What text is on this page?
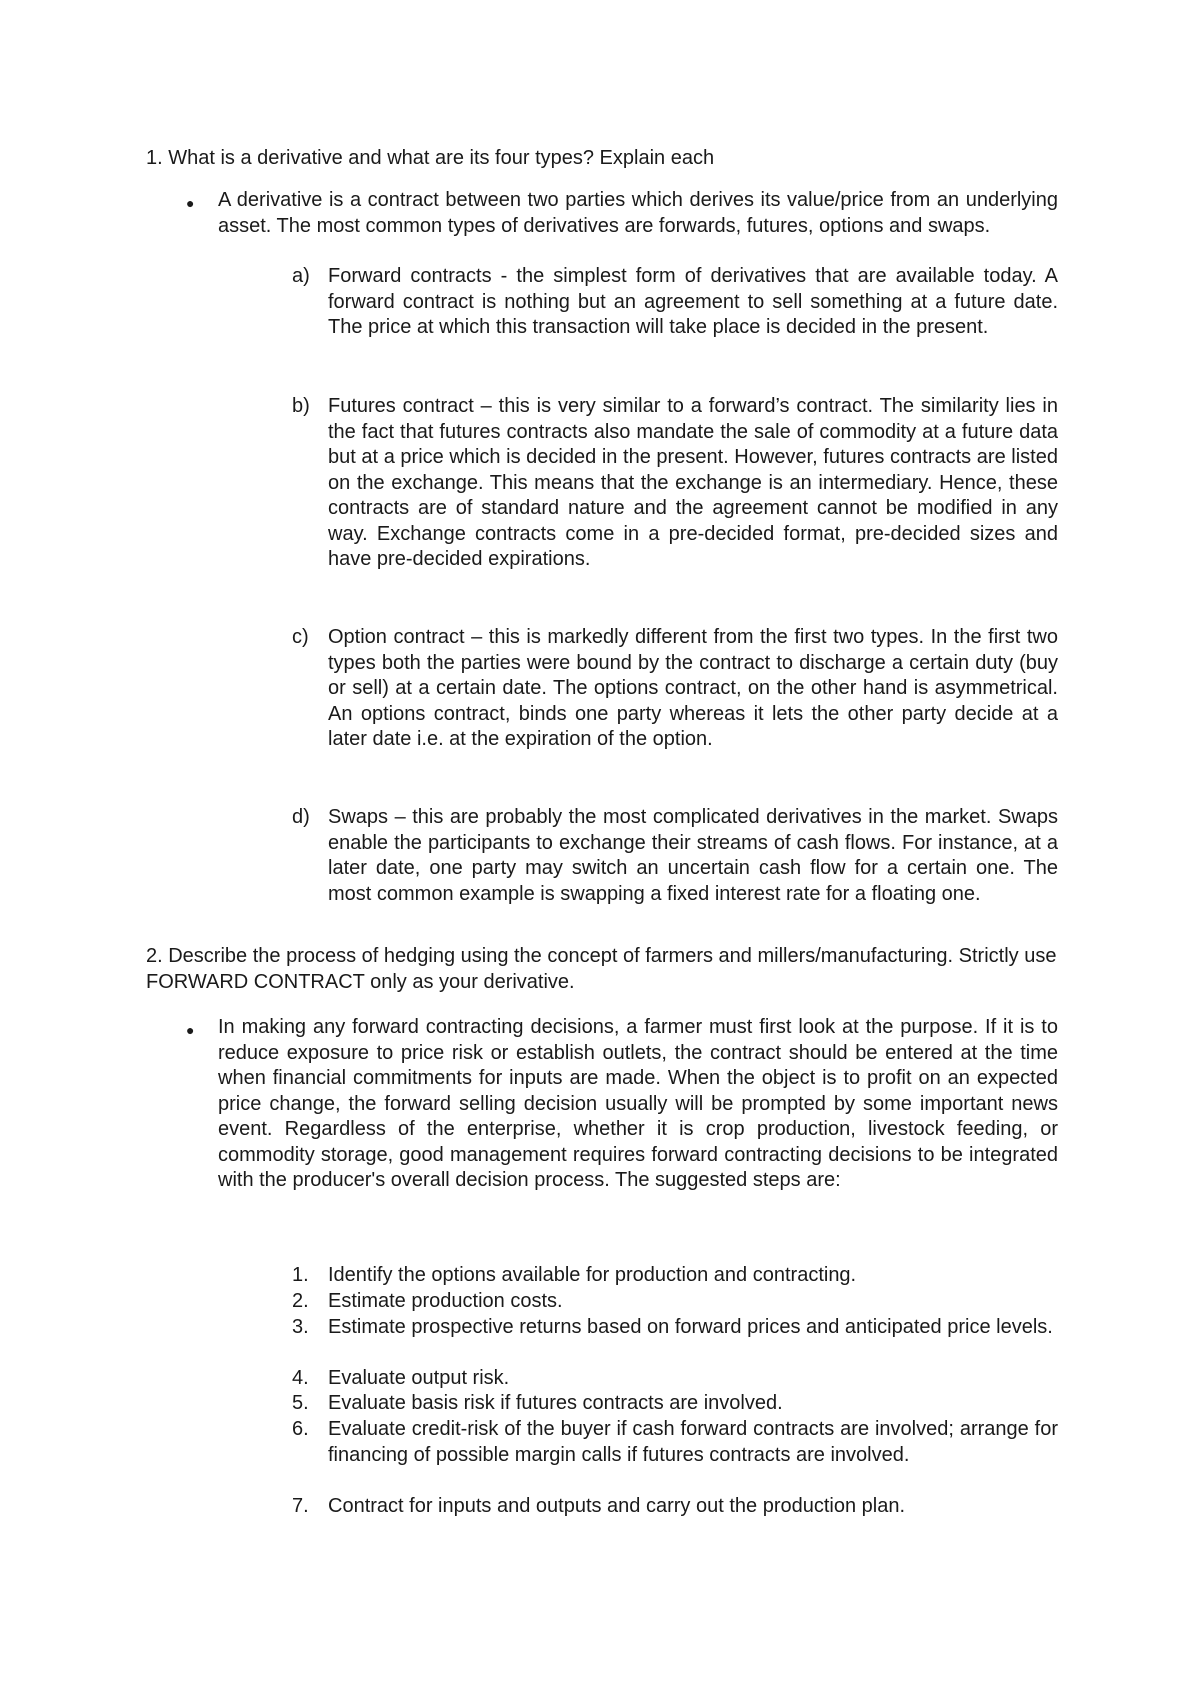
1. What is a derivative and what are its four types? Explain each

● A derivative is a contract between two parties which derives its value/price from an underlying asset. The most common types of derivatives are forwards, futures, options and swaps.

a) Forward contracts - the simplest form of derivatives that are available today. A forward contract is nothing but an agreement to sell something at a future date. The price at which this transaction will take place is decided in the present.

b) Futures contract – this is very similar to a forward’s contract. The similarity lies in the fact that futures contracts also mandate the sale of commodity at a future data but at a price which is decided in the present. However, futures contracts are listed on the exchange. This means that the exchange is an intermediary. Hence, these contracts are of standard nature and the agreement cannot be modified in any way. Exchange contracts come in a pre-decided format, pre-decided sizes and have pre-decided expirations.

c) Option contract – this is markedly different from the first two types. In the first two types both the parties were bound by the contract to discharge a certain duty (buy or sell) at a certain date. The options contract, on the other hand is asymmetrical. An options contract, binds one party whereas it lets the other party decide at a later date i.e. at the expiration of the option.

d) Swaps – this are probably the most complicated derivatives in the market. Swaps enable the participants to exchange their streams of cash flows. For instance, at a later date, one party may switch an uncertain cash flow for a certain one. The most common example is swapping a fixed interest rate for a floating one.

2. Describe the process of hedging using the concept of farmers and millers/manufacturing. Strictly use FORWARD CONTRACT only as your derivative.

● In making any forward contracting decisions, a farmer must first look at the purpose. If it is to reduce exposure to price risk or establish outlets, the contract should be entered at the time when financial commitments for inputs are made. When the object is to profit on an expected price change, the forward selling decision usually will be prompted by some important news event. Regardless of the enterprise, whether it is crop production, livestock feeding, or commodity storage, good management requires forward contracting decisions to be integrated with the producer's overall decision process. The suggested steps are:

1. Identify the options available for production and contracting.

2. Estimate production costs.

3. Estimate prospective returns based on forward prices and anticipated price levels.

4. Evaluate output risk.

5. Evaluate basis risk if futures contracts are involved.

6. Evaluate credit-risk of the buyer if cash forward contracts are involved; arrange for financing of possible margin calls if futures contracts are involved.

7. Contract for inputs and outputs and carry out the production plan.
